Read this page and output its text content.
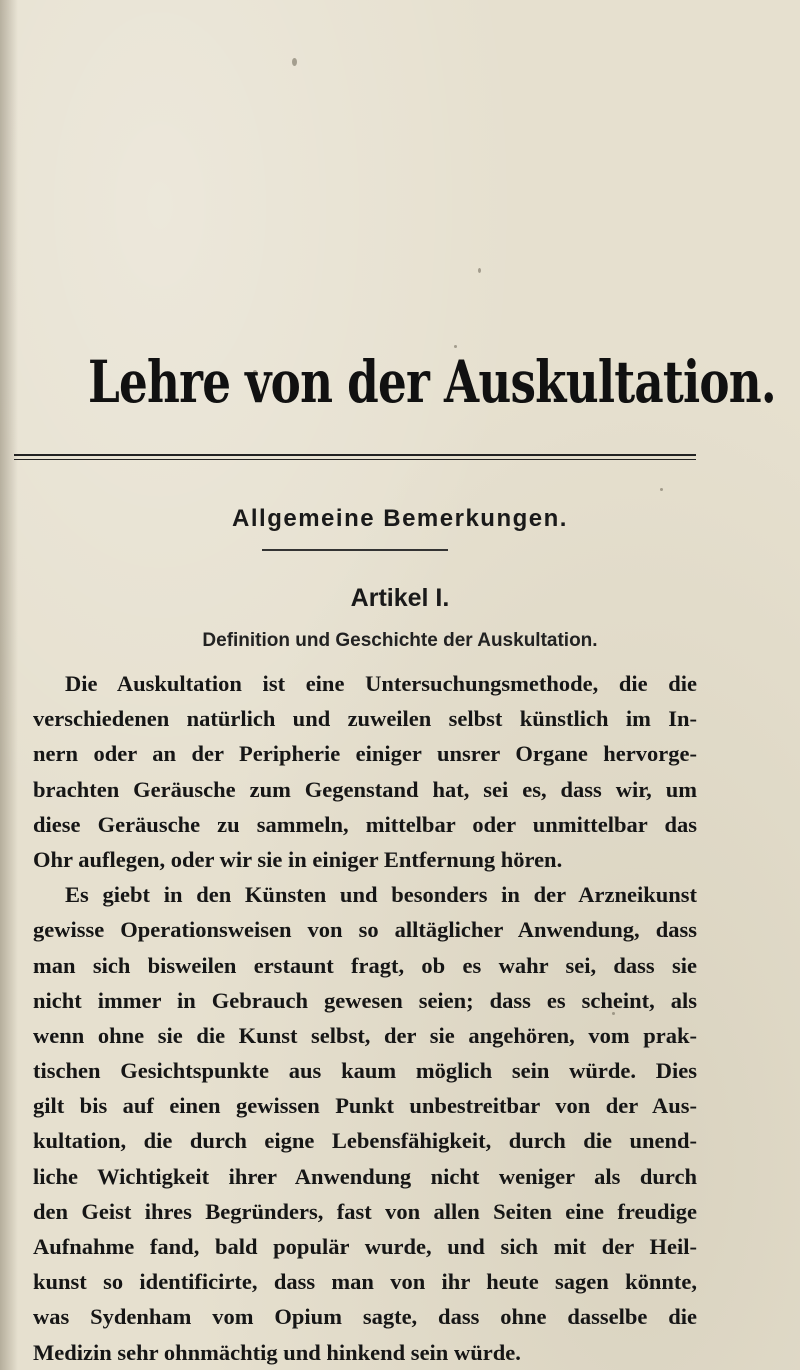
Lehre von der Auskultation.
Allgemeine Bemerkungen.
Artikel I.
Definition und Geschichte der Auskultation.
Die Auskultation ist eine Untersuchungsmethode, die die
verschiedenen natürlich und zuweilen selbst künstlich im In-
nern oder an der Peripherie einiger unsrer Organe hervorge-
brachten Geräusche zum Gegenstand hat, sei es, dass wir, um
diese Geräusche zu sammeln, mittelbar oder unmittelbar das
Ohr auflegen, oder wir sie in einiger Entfernung hören.
Es giebt in den Künsten und besonders in der Arzneikunst
gewisse Operationsweisen von so alltäglicher Anwendung, dass
man sich bisweilen erstaunt fragt, ob es wahr sei, dass sie
nicht immer in Gebrauch gewesen seien; dass es scheint, als
wenn ohne sie die Kunst selbst, der sie angehören, vom prak-
tischen Gesichtspunkte aus kaum möglich sein würde. Dies
gilt bis auf einen gewissen Punkt unbestreitbar von der Aus-
kultation, die durch eigne Lebensfähigkeit, durch die unend-
liche Wichtigkeit ihrer Anwendung nicht weniger als durch
den Geist ihres Begründers, fast von allen Seiten eine freudige
Aufnahme fand, bald populär wurde, und sich mit der Heil-
kunst so identificirte, dass man von ihr heute sagen könnte,
was Sydenham vom Opium sagte, dass ohne dasselbe die
Medizin sehr ohnmächtig und hinkend sein würde.
